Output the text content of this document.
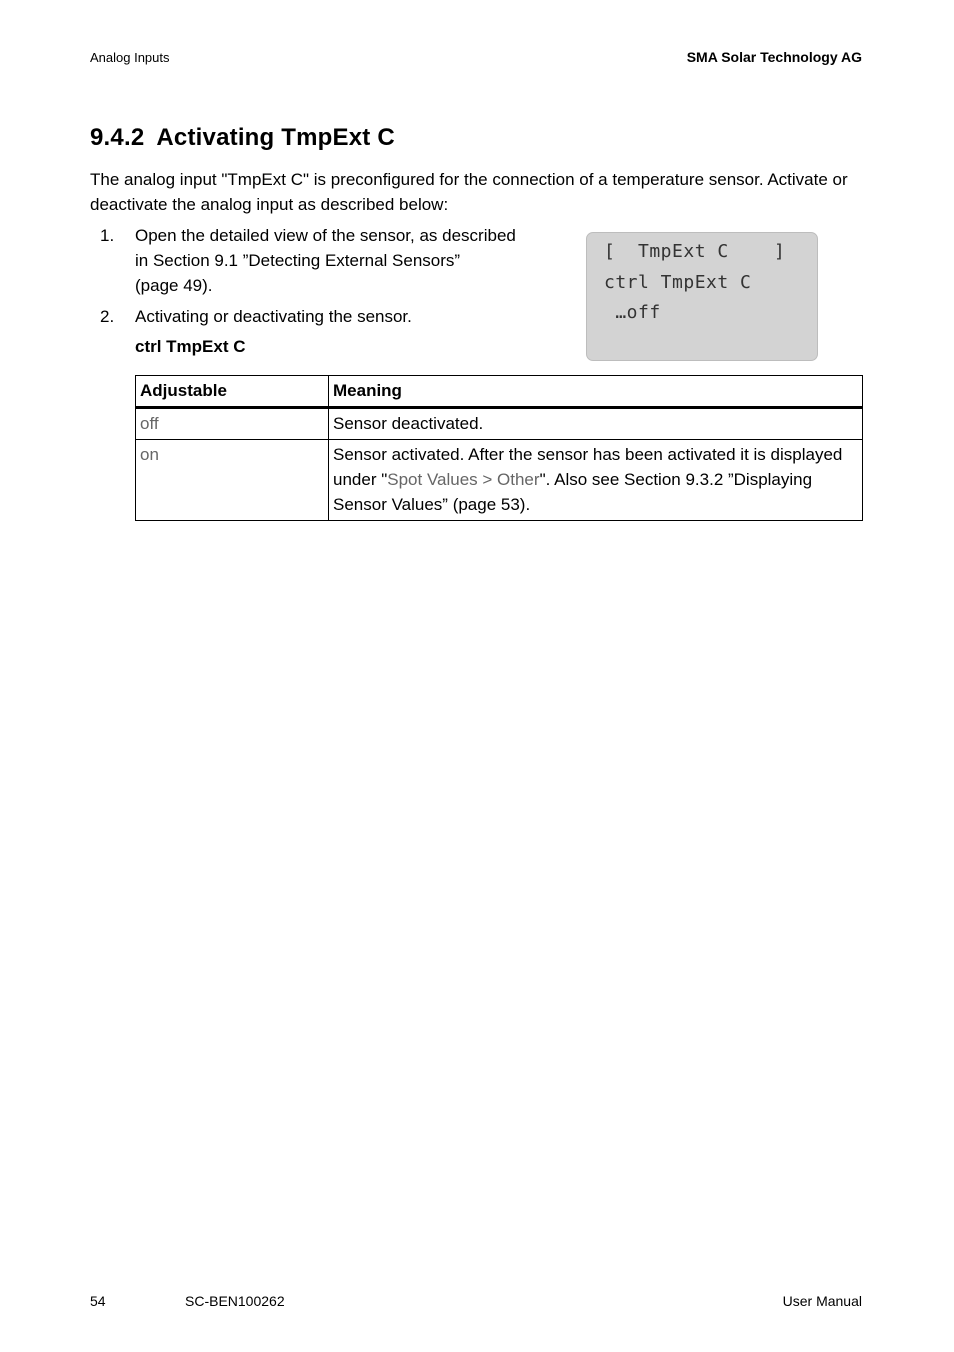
Analog Inputs	SMA Solar Technology AG
9.4.2 Activating TmpExt C
The analog input "TmpExt C" is preconfigured for the connection of a temperature sensor. Activate or deactivate the analog input as described below:
1. Open the detailed view of the sensor, as described
in Section 9.1 ”Detecting External Sensors”
(page 49).
2. Activating or deactivating the sensor.
ctrl TmpExt C
[  TmpExt C    ]
ctrl TmpExt C
…off
Adjustable	Meaning
off	Sensor deactivated.
on	Sensor activated. After the sensor has been activated it is displayed under "Spot Values > Other". Also see Section 9.3.2 ”Displaying Sensor Values” (page 53).
54	SC-BEN100262	User Manual
